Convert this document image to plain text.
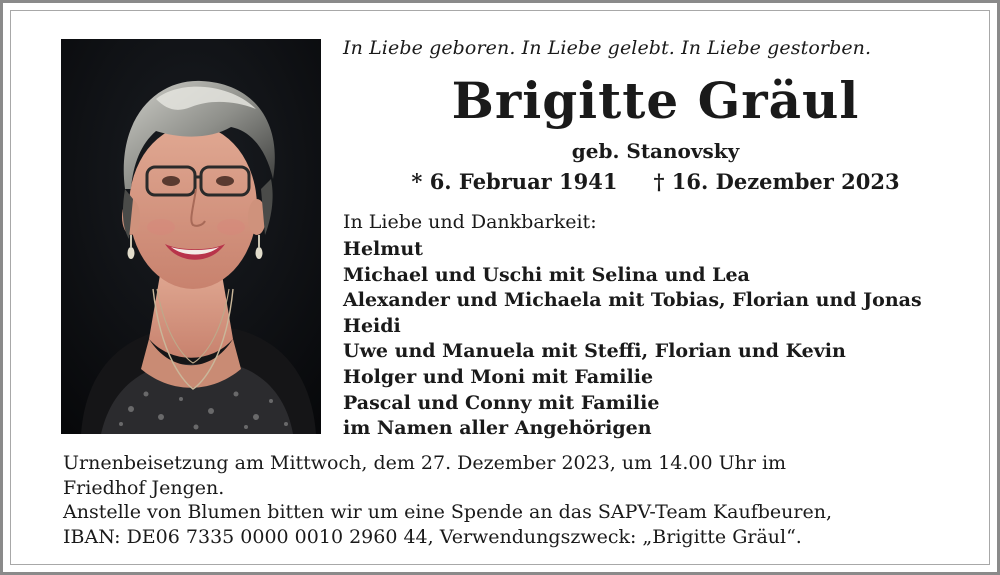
In Liebe geboren. In Liebe gelebt. In Liebe gestorben.
Brigitte Gräul
geb. Stanovsky
* 6. Februar 1941 † 16. Dezember 2023
In Liebe und Dankbarkeit:
Helmut
Michael und Uschi mit Selina und Lea
Alexander und Michaela mit Tobias, Florian und Jonas
Heidi
Uwe und Manuela mit Steffi, Florian und Kevin
Holger und Moni mit Familie
Pascal und Conny mit Familie
im Namen aller Angehörigen
Urnenbeisetzung am Mittwoch, dem 27. Dezember 2023, um 14.00 Uhr im
Friedhof Jengen.
Anstelle von Blumen bitten wir um eine Spende an das SAPV-Team Kaufbeuren,
IBAN: DE06 7335 0000 0010 2960 44, Verwendungszweck: „Brigitte Gräul“.
